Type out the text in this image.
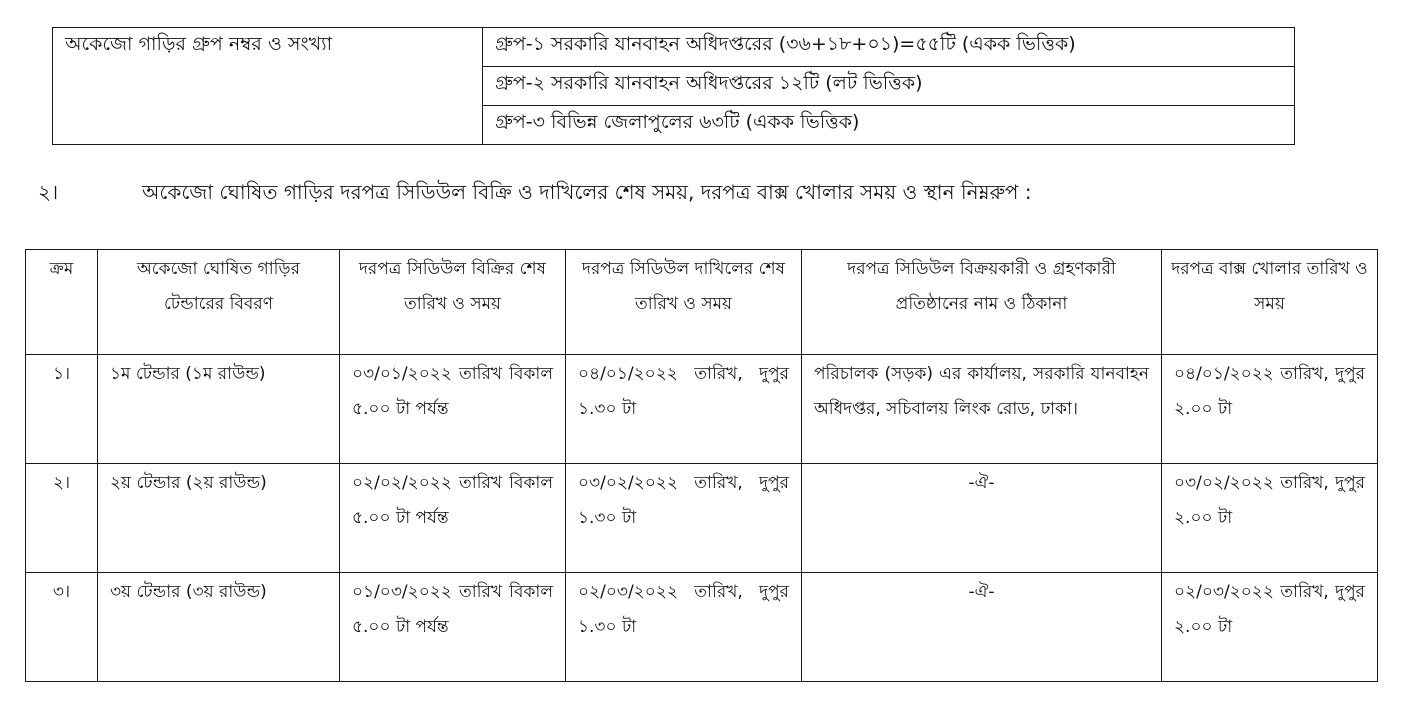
অকেজো গাড়ির গ্রুপ নম্বর ও সংখ্যা	গ্রুপ-১ সরকারি যানবাহন অধিদপ্তরের (৩৬+১৮+০১)=৫৫টি (একক ভিত্তিক)
গ্রুপ-২ সরকারি যানবাহন অধিদপ্তরের ১২টি (লট ভিত্তিক)
গ্রুপ-৩ বিভিন্ন জেলাপুলের ৬৩টি (একক ভিত্তিক)
২।	অকেজো ঘোষিত গাড়ির দরপত্র সিডিউল বিক্রি ও দাখিলের শেষ সময়, দরপত্র বাক্স খোলার সময় ও স্থান নিম্নরুপ :
ক্রম	অকেজো ঘোষিত গাড়ির টেন্ডারের বিবরণ	দরপত্র সিডিউল বিক্রির শেষ তারিখ ও সময়	দরপত্র সিডিউল দাখিলের শেষ তারিখ ও সময়	দরপত্র সিডিউল বিক্রয়কারী ও গ্রহণকারী প্রতিষ্ঠানের নাম ও ঠিকানা	দরপত্র বাক্স খোলার তারিখ ও সময়
১।	১ম টেন্ডার (১ম রাউন্ড)	০৩/০১/২০২২ তারিখ বিকাল ৫.০০ টা পর্যন্ত	০৪/০১/২০২২ তারিখ, দুপুর ১.৩০ টা	পরিচালক (সড়ক) এর কার্যালয়, সরকারি যানবাহন অধিদপ্তর, সচিবালয় লিংক রোড, ঢাকা।	০৪/০১/২০২২ তারিখ, দুপুর ২.০০ টা
২।	২য় টেন্ডার (২য় রাউন্ড)	০২/০২/২০২২ তারিখ বিকাল ৫.০০ টা পর্যন্ত	০৩/০২/২০২২ তারিখ, দুপুর ১.৩০ টা	-ঐ-	০৩/০২/২০২২ তারিখ, দুপুর ২.০০ টা
৩।	৩য় টেন্ডার (৩য় রাউন্ড)	০১/০৩/২০২২ তারিখ বিকাল ৫.০০ টা পর্যন্ত	০২/০৩/২০২২ তারিখ, দুপুর ১.৩০ টা	-ঐ-	০২/০৩/২০২২ তারিখ, দুপুর ২.০০ টা
